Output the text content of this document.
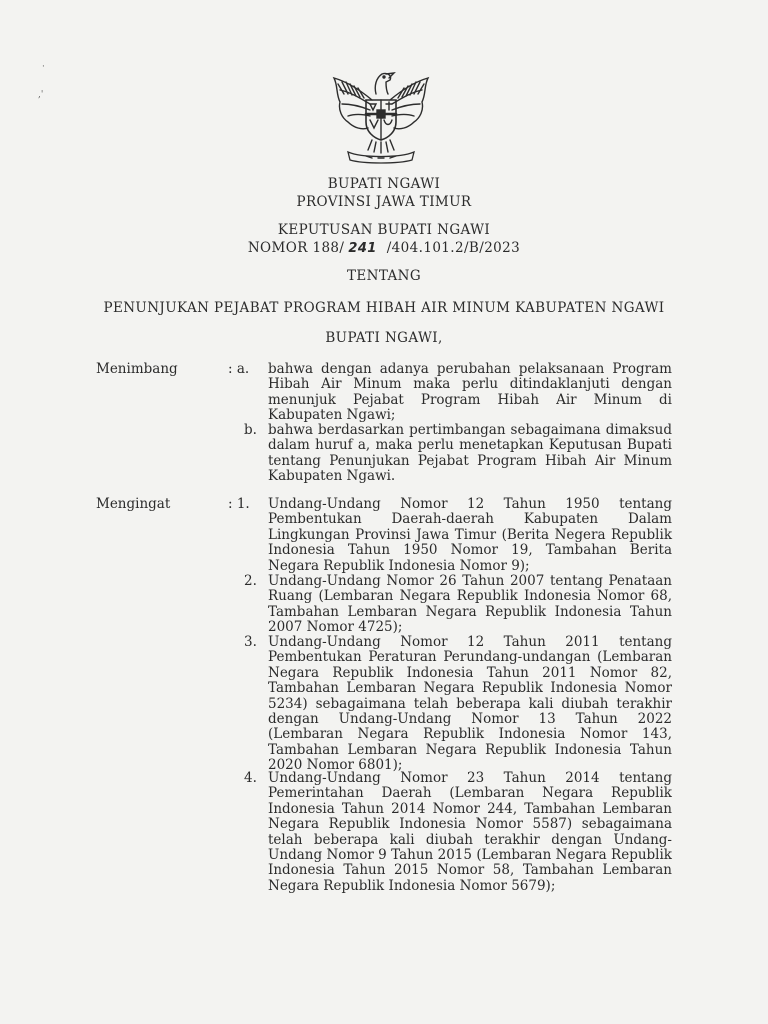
·
,'
BUPATI NGAWI
PROVINSI JAWA TIMUR
KEPUTUSAN BUPATI NGAWI
NOMOR 188/ 241 /404.101.2/B/2023
TENTANG
PENUNJUKAN PEJABAT PROGRAM HIBAH AIR MINUM KABUPATEN NGAWI
BUPATI NGAWI,
Menimbang	: a. bahwa dengan adanya perubahan pelaksanaan Program Hibah Air Minum maka perlu ditindaklanjuti dengan menunjuk Pejabat Program Hibah Air Minum di Kabupaten Ngawi;
b. bahwa berdasarkan pertimbangan sebagaimana dimaksud dalam huruf a, maka perlu menetapkan Keputusan Bupati tentang Penunjukan Pejabat Program Hibah Air Minum Kabupaten Ngawi.
Mengingat	: 1. Undang-Undang Nomor 12 Tahun 1950 tentang Pembentukan Daerah-daerah Kabupaten Dalam Lingkungan Provinsi Jawa Timur (Berita Negera Republik Indonesia Tahun 1950 Nomor 19, Tambahan Berita Negara Republik Indonesia Nomor 9);
2. Undang-Undang Nomor 26 Tahun 2007 tentang Penataan Ruang (Lembaran Negara Republik Indonesia Nomor 68, Tambahan Lembaran Negara Republik Indonesia Tahun 2007 Nomor 4725);
3. Undang-Undang Nomor 12 Tahun 2011 tentang Pembentukan Peraturan Perundang-undangan (Lembaran Negara Republik Indonesia Tahun 2011 Nomor 82, Tambahan Lembaran Negara Republik Indonesia Nomor 5234) sebagaimana telah beberapa kali diubah terakhir dengan Undang-Undang Nomor 13 Tahun 2022 (Lembaran Negara Republik Indonesia Nomor 143, Tambahan Lembaran Negara Republik Indonesia Tahun 2020 Nomor 6801);
4. Undang-Undang Nomor 23 Tahun 2014 tentang Pemerintahan Daerah (Lembaran Negara Republik Indonesia Tahun 2014 Nomor 244, Tambahan Lembaran Negara Republik Indonesia Nomor 5587) sebagaimana telah beberapa kali diubah terakhir dengan Undang-Undang Nomor 9 Tahun 2015 (Lembaran Negara Republik Indonesia Tahun 2015 Nomor 58, Tambahan Lembaran Negara Republik Indonesia Nomor 5679);
